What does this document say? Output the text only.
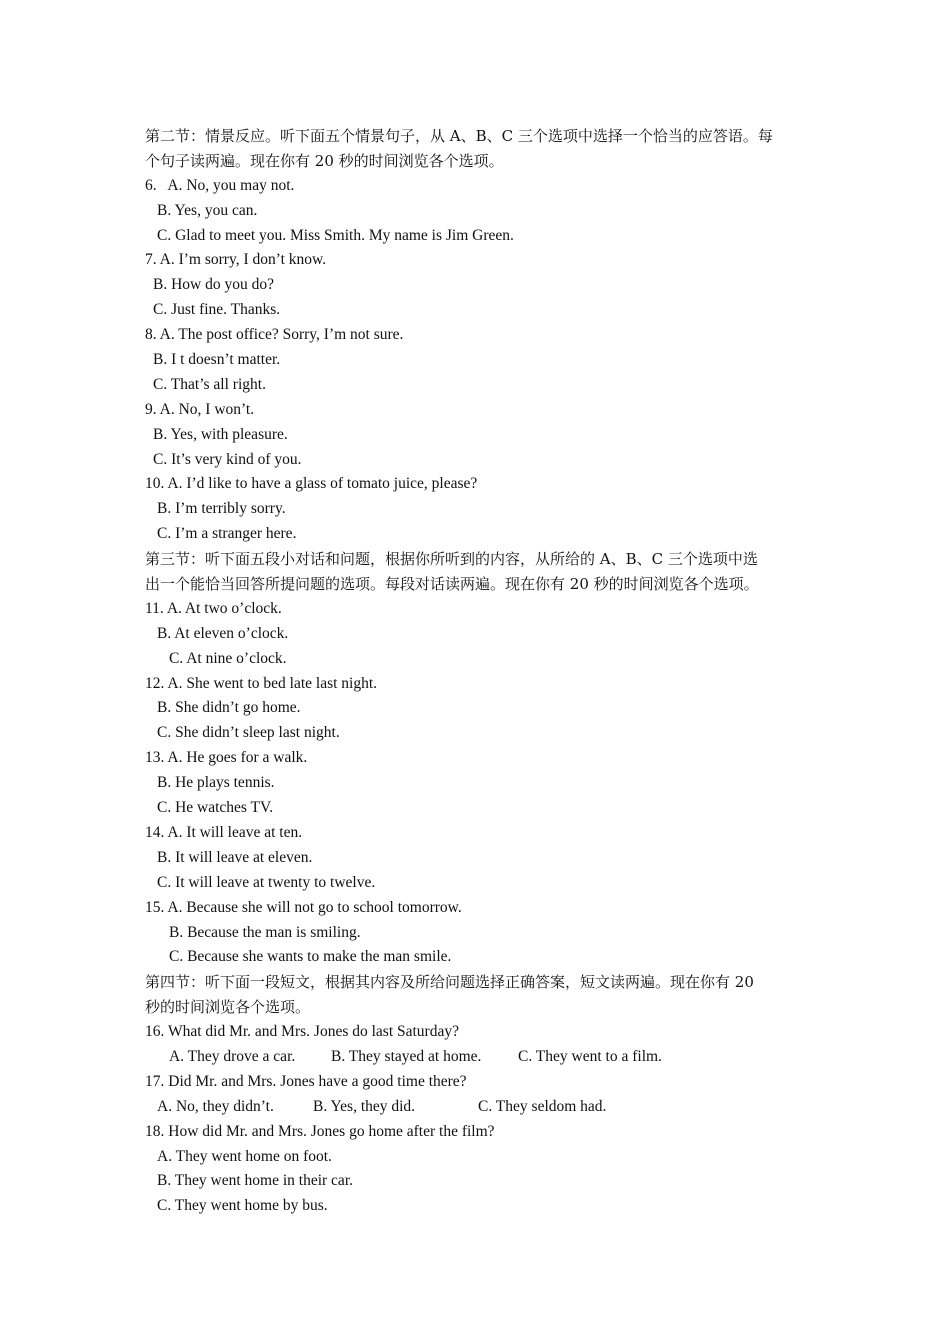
第二节：情景反应。听下面五个情景句子，从 A、B、C 三个选项中选择一个恰当的应答语。每
个句子读两遍。现在你有 20 秒的时间浏览各个选项。
6.   A. No, you may not.
B. Yes, you can.
C. Glad to meet you. Miss Smith. My name is Jim Green.
7. A. I’m sorry, I don’t know.
B. How do you do?
C. Just fine. Thanks.
8. A. The post office? Sorry, I’m not sure.
B. I t doesn’t matter.
C. That’s all right.
9. A. No, I won’t.
B. Yes, with pleasure.
C. It’s very kind of you.
10. A. I’d like to have a glass of tomato juice, please?
B. I’m terribly sorry.
C. I’m a stranger here.
第三节：听下面五段小对话和问题，根据你所听到的内容，从所给的 A、B、C 三个选项中选
出一个能恰当回答所提问题的选项。每段对话读两遍。现在你有 20 秒的时间浏览各个选项。
11. A. At two o’clock.
B. At eleven o’clock.
C. At nine o’clock.
12. A. She went to bed late last night.
B. She didn’t go home.
C. She didn’t sleep last night.
13. A. He goes for a walk.
B. He plays tennis.
C. He watches TV.
14. A. It will leave at ten.
B. It will leave at eleven.
C. It will leave at twenty to twelve.
15. A. Because she will not go to school tomorrow.
B. Because the man is smiling.
C. Because she wants to make the man smile.
第四节：听下面一段短文，根据其内容及所给问题选择正确答案，短文读两遍。现在你有 20
秒的时间浏览各个选项。
16. What did Mr. and Mrs. Jones do last Saturday?
A. They drove a car.	B. They stayed at home.	C. They went to a film.
17. Did Mr. and Mrs. Jones have a good time there?
A. No, they didn’t.	B. Yes, they did.	C. They seldom had.
18. How did Mr. and Mrs. Jones go home after the film?
A. They went home on foot.
B. They went home in their car.
C. They went home by bus.
